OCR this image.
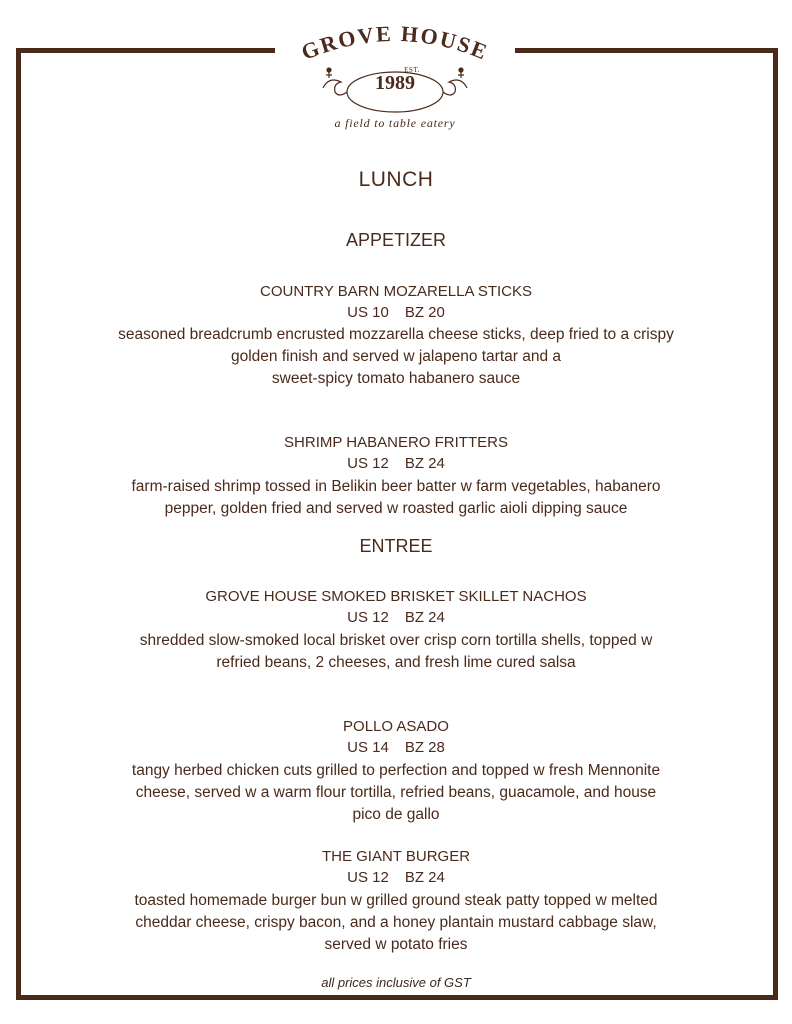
GROVE HOUSE
EST.
1989
a field to table eatery
LUNCH
APPETIZER
COUNTRY BARN MOZARELLA STICKS
US 10 BZ 20
seasoned breadcrumb encrusted mozzarella cheese sticks, deep fried to a crispy
golden finish and served w jalapeno tartar and a
sweet-spicy tomato habanero sauce
SHRIMP HABANERO FRITTERS
US 12 BZ 24
farm-raised shrimp tossed in Belikin beer batter w farm vegetables, habanero
pepper, golden fried and served w roasted garlic aioli dipping sauce
ENTREE
GROVE HOUSE SMOKED BRISKET SKILLET NACHOS
US 12 BZ 24
shredded slow-smoked local brisket over crisp corn tortilla shells, topped w
refried beans, 2 cheeses, and fresh lime cured salsa
POLLO ASADO
US 14 BZ 28
tangy herbed chicken cuts grilled to perfection and topped w fresh Mennonite
cheese, served w a warm flour tortilla, refried beans, guacamole, and house
pico de gallo
THE GIANT BURGER
US 12 BZ 24
toasted homemade burger bun w grilled ground steak patty topped w melted
cheddar cheese, crispy bacon, and a honey plantain mustard cabbage slaw,
served w potato fries
all prices inclusive of GST
